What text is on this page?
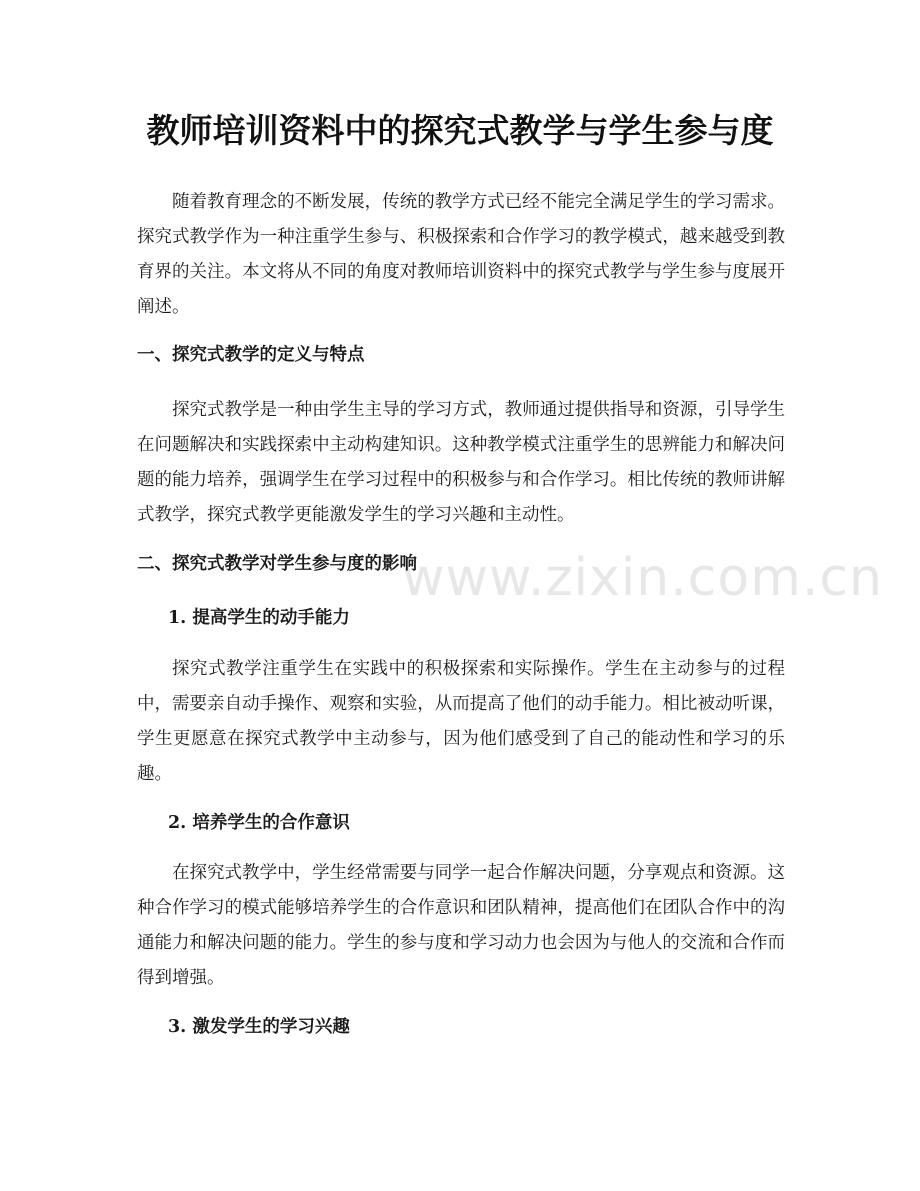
www.zixin.com.cn
教师培训资料中的探究式教学与学生参与度

随着教育理念的不断发展，传统的教学方式已经不能完全满足学生的学习需求。探究式教学作为一种注重学生参与、积极探索和合作学习的教学模式，越来越受到教育界的关注。本文将从不同的角度对教师培训资料中的探究式教学与学生参与度展开阐述。

一、探究式教学的定义与特点

探究式教学是一种由学生主导的学习方式，教师通过提供指导和资源，引导学生在问题解决和实践探索中主动构建知识。这种教学模式注重学生的思辨能力和解决问题的能力培养，强调学生在学习过程中的积极参与和合作学习。相比传统的教师讲解式教学，探究式教学更能激发学生的学习兴趣和主动性。

二、探究式教学对学生参与度的影响
1. 提高学生的动手能力

探究式教学注重学生在实践中的积极探索和实际操作。学生在主动参与的过程中，需要亲自动手操作、观察和实验，从而提高了他们的动手能力。相比被动听课，学生更愿意在探究式教学中主动参与，因为他们感受到了自己的能动性和学习的乐趣。

2. 培养学生的合作意识

在探究式教学中，学生经常需要与同学一起合作解决问题，分享观点和资源。这种合作学习的模式能够培养学生的合作意识和团队精神，提高他们在团队合作中的沟通能力和解决问题的能力。学生的参与度和学习动力也会因为与他人的交流和合作而得到增强。

3. 激发学生的学习兴趣
